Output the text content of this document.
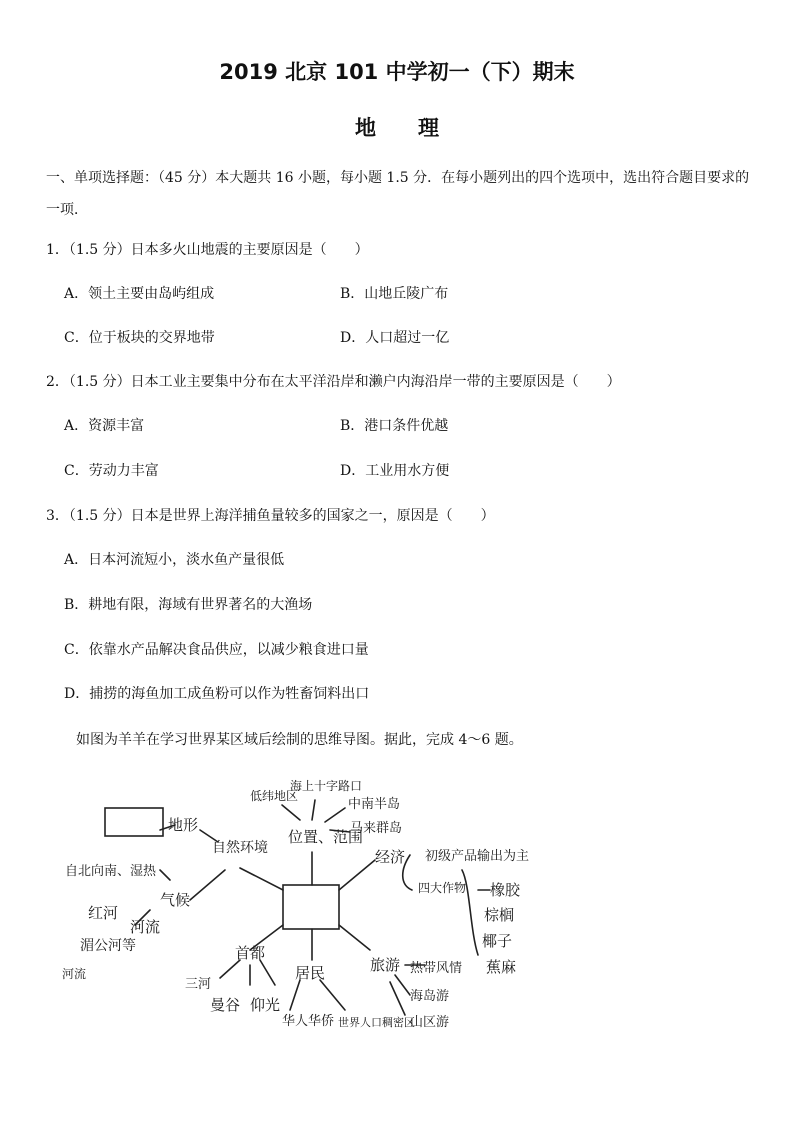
2019 北京 101 中学初一（下）期末
地理
一、单项选择题：（45 分）本大题共 16 小题，每小题 1.5 分．在每小题列出的四个选项中，选出符合题目要求的一项．
1．（1.5 分）日本多火山地震的主要原因是（　　）
A．领土主要由岛屿组成	B．山地丘陵广布
C．位于板块的交界地带	D．人口超过一亿
2．（1.5 分）日本工业主要集中分布在太平洋沿岸和濑户内海沿岸一带的主要原因是（　　）
A．资源丰富	B．港口条件优越
C．劳动力丰富	D．工业用水方便
3．（1.5 分）日本是世界上海洋捕鱼量较多的国家之一，原因是（　　）
A．日本河流短小，淡水鱼产量很低
B．耕地有限，海域有世界著名的大渔场
C．依靠水产品解决食品供应，以减少粮食进口量
D．捕捞的海鱼加工成鱼粉可以作为牲畜饲料出口
如图为羊羊在学习世界某区域后绘制的思维导图。据此，完成 4～6 题。
地形
自然环境
自北向南、湿热
气候
河流
红河
湄公河等
低纬地区
海上十字路口
中南半岛
马来群岛
位置、范围
经济 初级产品输出为主
四大作物 橡胶
棕榈
椰子
蕉麻
旅游 热带风情
海岛游
山区游
居民
华人华侨 世界人口稠密区
首都
三河
曼谷 仰光
河流
